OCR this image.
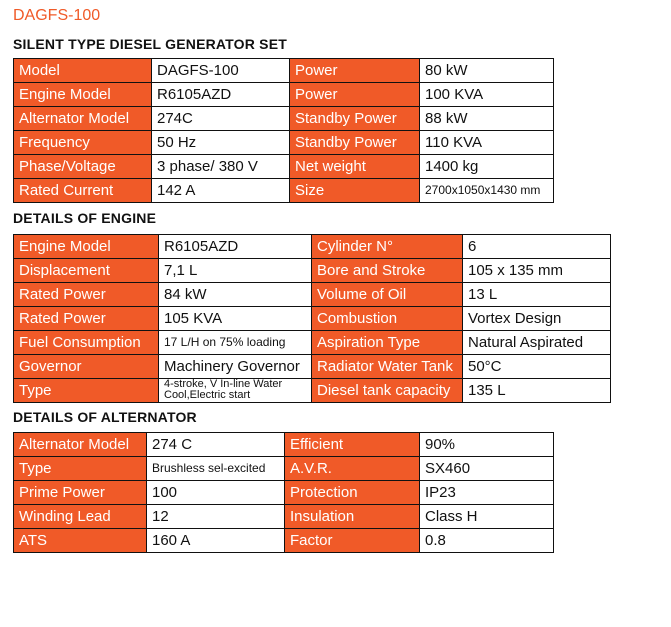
DAGFS-100
SILENT TYPE DIESEL GENERATOR SET
Model	DAGFS-100	Power	80 kW
Engine Model	R6105AZD	Power	100 KVA
Alternator Model	274C	Standby Power	88 kW
Frequency	50 Hz	Standby Power	110 KVA
Phase/Voltage	3 phase/ 380 V	Net weight	1400 kg
Rated Current	142 A	Size	2700x1050x1430 mm
DETAILS OF ENGINE
Engine Model	R6105AZD	Cylinder N°	6
Displacement	7,1 L	Bore and Stroke	105 x 135 mm
Rated Power	84 kW	Volume of Oil	13 L
Rated Power	105 KVA	Combustion	Vortex Design
Fuel Consumption	17 L/H on 75% loading	Aspiration Type	Natural Aspirated
Governor	Machinery Governor	Radiator Water Tank	50°C
Type	4-stroke, V In-line Water Cool,Electric start	Diesel tank capacity	135 L
DETAILS OF ALTERNATOR
Alternator Model	274 C	Efficient	90%
Type	Brushless sel-excited	A.V.R.	SX460
Prime Power	100	Protection	IP23
Winding Lead	12	Insulation	Class H
ATS	160 A	Factor	0.8
